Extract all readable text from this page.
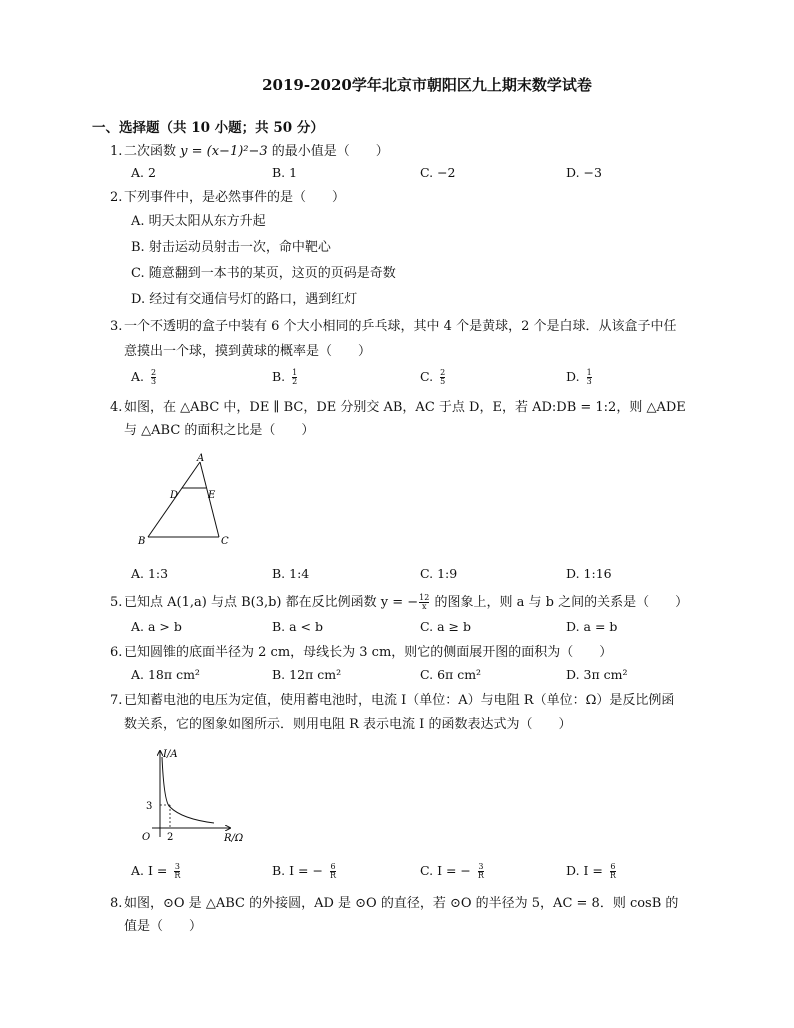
2019-2020学年北京市朝阳区九上期末数学试卷
一、选择题（共 10 小题；共 50 分）
1. 二次函数 y = (x−1)²−3 的最小值是（　　）
A. 2	B. 1	C. −2	D. −3
2. 下列事件中，是必然事件的是（　　）
A. 明天太阳从东方升起
B. 射击运动员射击一次，命中靶心
C. 随意翻到一本书的某页，这页的页码是奇数
D. 经过有交通信号灯的路口，遇到红灯
3. 一个不透明的盒子中装有 6 个大小相同的乒乓球，其中 4 个是黄球，2 个是白球．从该盒子中任
意摸出一个球，摸到黄球的概率是（　　）
A. $\frac{2}{3}$	B. $\frac{1}{2}$	C. $\frac{2}{5}$	D. $\frac{1}{3}$
4. 如图，在 △ABC 中，DE ∥ BC，DE 分别交 AB，AC 于点 D，E，若 AD:DB = 1:2，则 △ADE
与 △ABC 的面积之比是（　　）
A
D	E
B	C
A. 1:3	B. 1:4	C. 1:9	D. 1:16
5. 已知点 A(1,a) 与点 B(3,b) 都在反比例函数 y = − $\frac{12}{x}$ 的图象上，则 a 与 b 之间的关系是（　　）
A. a > b	B. a < b	C. a ≥ b	D. a = b
6. 已知圆锥的底面半径为 2 cm，母线长为 3 cm，则它的侧面展开图的面积为（　　）
A. 18π cm²	B. 12π cm²	C. 6π cm²	D. 3π cm²
7. 已知蓄电池的电压为定值，使用蓄电池时，电流 I（单位：A）与电阻 R（单位：Ω）是反比例函
数关系，它的图象如图所示．则用电阻 R 表示电流 I 的函数表达式为（　　）
I/A
R/Ω
O
3
2
A. $I = \frac{3}{R}$	B. I = − $\frac{6}{R}$	C. I = − $\frac{3}{R}$	D. $I = \frac{6}{R}$
8. 如图，⊙O 是 △ABC 的外接圆，AD 是 ⊙O 的直径，若 ⊙O 的半径为 5，AC = 8．则 cosB 的
值是（　　）
